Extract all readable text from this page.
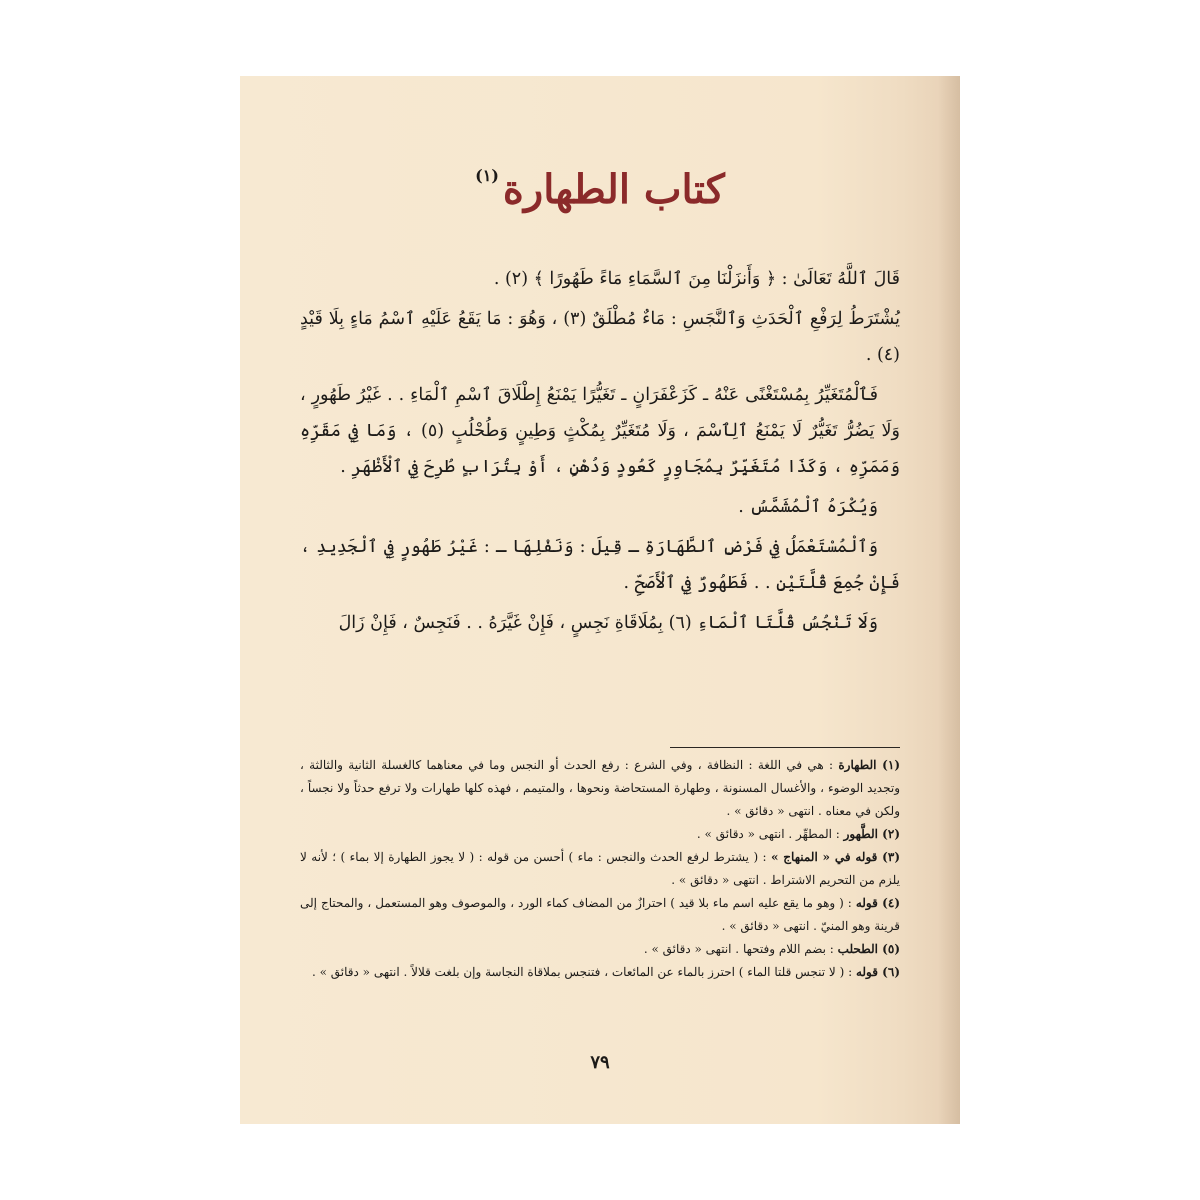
كتاب الطهارة$^{(١)}$

قَالَ ٱللَّهُ تَعَالَىٰ : ﴿ وَأَنزَلْنَا مِنَ ٱلسَّمَاءِ مَاءً طَهُورًا ﴾ (٢) .

يُشْتَرَطُ لِرَفْعِ ٱلْحَدَثِ وَٱلنَّجَسِ : مَاءٌ مُطْلَقٌ (٣) ، وَهُوَ : مَا يَقَعُ عَلَيْهِ ٱسْمُ مَاءٍ بِلَا قَيْدٍ (٤) .

فَٱلْمُتَغَيِّرُ بِمُسْتَغْنًى عَنْهُ ـ كَزَعْفَرَانٍ ـ تَغَيُّرًا يَمْنَعُ إِطْلَاقَ ٱسْمِ ٱلْمَاءِ . . غَيْرُ طَهُورٍ ، وَلَا يَضُرُّ تَغَيُّرٌ لَا يَمْنَعُ ٱلِٱسْمَ ، وَلَا مُتَغَيِّرٌ بِمُكْثٍ وَطِينٍ وَطُحْلُبٍ (٥) ، وَمَا فِي مَقَرِّهِ وَمَمَرِّهِ ، وَكَذَا مُتَغَيِّرٌ بِمُجَاوِرٍ كَعُودٍ وَدُهْنٍ ، أَوْ بِتُرَابٍ طُرِحَ فِي ٱلْأَظْهَرِ .

وَيُكْرَهُ ٱلْمُشَمَّسُ .

وَٱلْمُسْتَعْمَلُ فِي فَرْضِ ٱلطَّهَارَةِ ـ قِيلَ : وَنَفْلِهَا ـ : غَيْرُ طَهُورٍ فِي ٱلْجَدِيدِ ، فَإِنْ جُمِعَ قُلَّتَيْنِ . . فَطَهُورٌ فِي ٱلْأَصَحِّ .

وَلَا تَنْجُسُ قُلَّتَا ٱلْمَاءِ (٦) بِمُلَاقَاةِ نَجِسٍ ، فَإِنْ غَيَّرَهُ . . فَنَجِسٌ ، فَإِنْ زَالَ

(١) الطهارة : هي في اللغة : النظافة ، وفي الشرع : رفع الحدث أو النجس وما في معناهما كالغسلة الثانية والثالثة ، وتجديد الوضوء ، والأغسال المسنونة ، وطهارة المستحاضة ونحوها ، والمتيمم ، فهذه كلها طهارات ولا ترفع حدثاً ولا نجساً ، ولكن في معناه . انتهى « دقائق » .

(٢) الطَّهور : المطهِّر . انتهى « دقائق » .

(٣) قوله في « المنهاج » : ( يشترط لرفع الحدث والنجس : ماء ) أحسن من قوله : ( لا يجوز الطهارة إلا بماء ) ؛ لأنه لا يلزم من التحريم الاشتراط . انتهى « دقائق » .

(٤) قوله : ( وهو ما يقع عليه اسم ماء بلا قيد ) احترازٌ من المضاف كماء الورد ، والموصوف وهو المستعمل ، والمحتاج إلى قرينة وهو المنيّ . انتهى « دقائق » .

(٥) الطحلب : بضم اللام وفتحها . انتهى « دقائق » .

(٦) قوله : ( لا تنجس قلتا الماء ) احترز بالماء عن المائعات ، فتنجس بملاقاة النجاسة وإن بلغت قلالاً . انتهى « دقائق » .

٧٩
